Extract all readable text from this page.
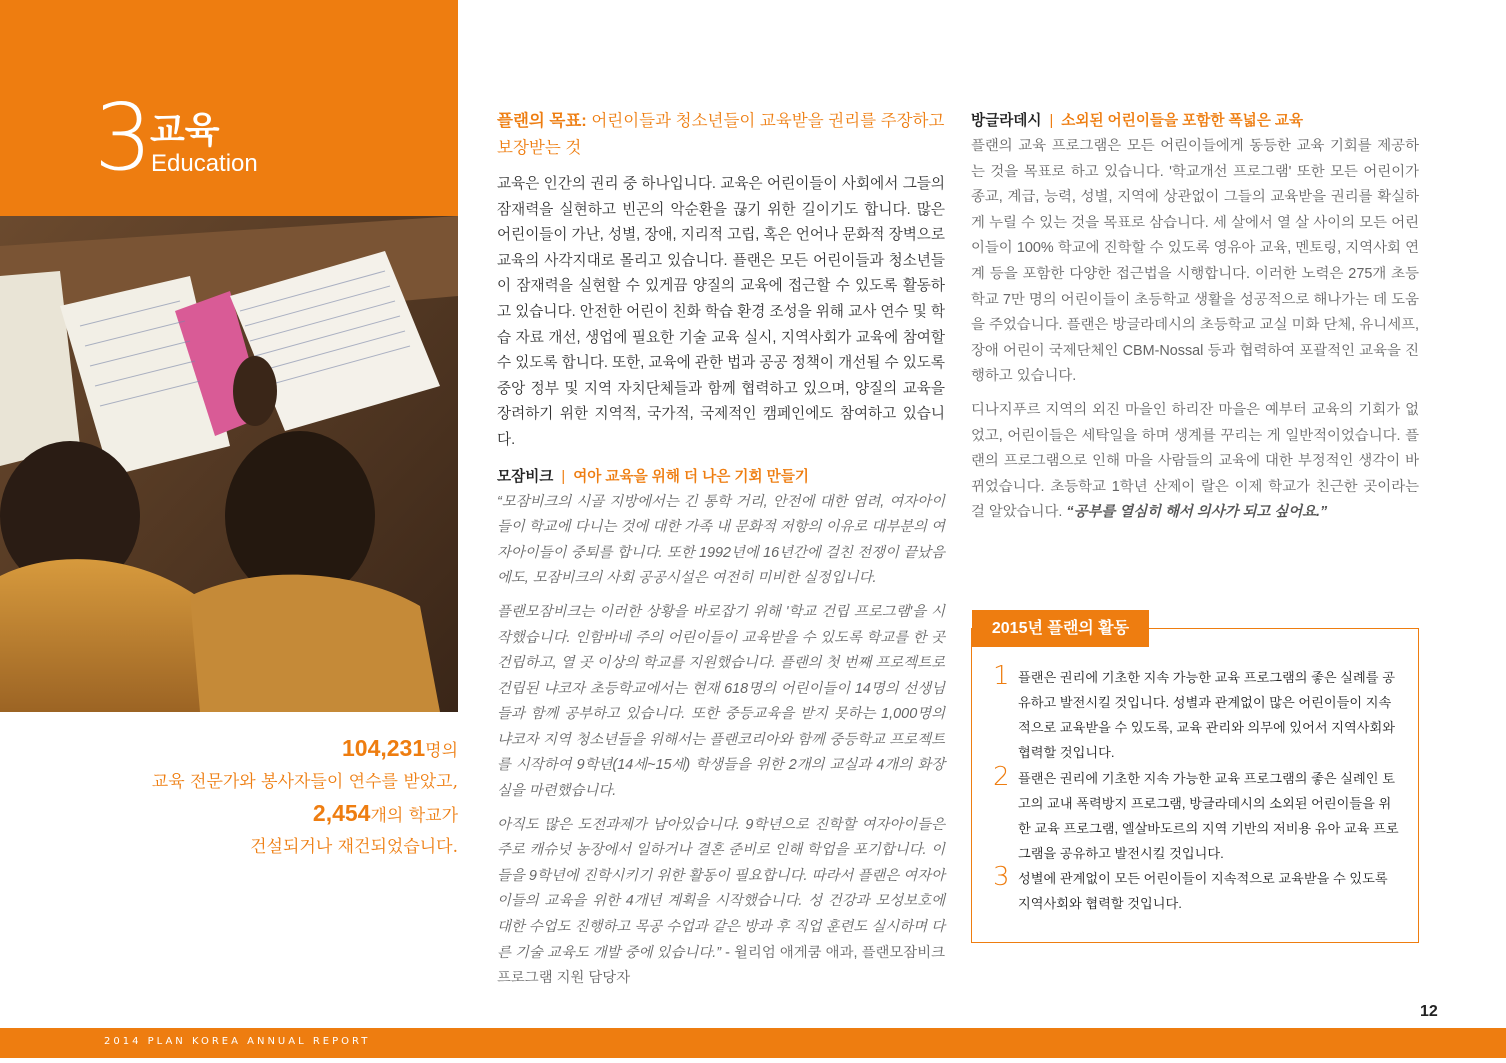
3
교육
Education
104,231명의
교육 전문가와 봉사자들이 연수를 받았고,
2,454개의 학교가
건설되거나 재건되었습니다.

플랜의 목표: 어린이들과 청소년들이 교육받을 권리를 주장하고 보장받는 것

교육은 인간의 권리 중 하나입니다. 교육은 어린이들이 사회에서 그들의 잠재력을 실현하고 빈곤의 악순환을 끊기 위한 길이기도 합니다. 많은 어린이들이 가난, 성별, 장애, 지리적 고립, 혹은 언어나 문화적 장벽으로 교육의 사각지대로 몰리고 있습니다. 플랜은 모든 어린이들과 청소년들이 잠재력을 실현할 수 있게끔 양질의 교육에 접근할 수 있도록 활동하고 있습니다. 안전한 어린이 친화 학습 환경 조성을 위해 교사 연수 및 학습 자료 개선, 생업에 필요한 기술 교육 실시, 지역사회가 교육에 참여할 수 있도록 합니다. 또한, 교육에 관한 법과 공공 정책이 개선될 수 있도록 중앙 정부 및 지역 자치단체들과 함께 협력하고 있으며, 양질의 교육을 장려하기 위한 지역적, 국가적, 국제적인 캠페인에도 참여하고 있습니다.

모잠비크 | 여아 교육을 위해 더 나은 기회 만들기

“모잠비크의 시골 지방에서는 긴 통학 거리, 안전에 대한 염려, 여자아이들이 학교에 다니는 것에 대한 가족 내 문화적 저항의 이유로 대부분의 여자아이들이 중퇴를 합니다. 또한 1992년에 16년간에 걸친 전쟁이 끝났음에도, 모잠비크의 사회 공공시설은 여전히 미비한 실정입니다.

플랜모잠비크는 이러한 상황을 바로잡기 위해 '학교 건립 프로그램'을 시작했습니다. 인함바네 주의 어린이들이 교육받을 수 있도록 학교를 한 곳 건립하고, 열 곳 이상의 학교를 지원했습니다. 플랜의 첫 번째 프로젝트로 건립된 냐코자 초등학교에서는 현재 618명의 어린이들이 14명의 선생님들과 함께 공부하고 있습니다. 또한 중등교육을 받지 못하는 1,000명의 냐코자 지역 청소년들을 위해서는 플랜코리아와 함께 중등학교 프로젝트를 시작하여 9학년(14세~15세) 학생들을 위한 2개의 교실과 4개의 화장실을 마련했습니다.

아직도 많은 도전과제가 남아있습니다. 9학년으로 진학할 여자아이들은 주로 캐슈넛 농장에서 일하거나 결혼 준비로 인해 학업을 포기합니다. 이들을 9학년에 진학시키기 위한 활동이 필요합니다. 따라서 플랜은 여자아이들의 교육을 위한 4개년 계획을 시작했습니다. 성 건강과 모성보호에 대한 수업도 진행하고 목공 수업과 같은 방과 후 직업 훈련도 실시하며 다른 기술 교육도 개발 중에 있습니다.” - 윌리엄 애게쿰 애과, 플랜모잠비크 프로그램 지원 담당자

방글라데시 | 소외된 어린이들을 포함한 폭넓은 교육

플랜의 교육 프로그램은 모든 어린이들에게 동등한 교육 기회를 제공하는 것을 목표로 하고 있습니다. '학교개선 프로그램' 또한 모든 어린이가 종교, 계급, 능력, 성별, 지역에 상관없이 그들의 교육받을 권리를 확실하게 누릴 수 있는 것을 목표로 삼습니다. 세 살에서 열 살 사이의 모든 어린이들이 100% 학교에 진학할 수 있도록 영유아 교육, 멘토링, 지역사회 연계 등을 포함한 다양한 접근법을 시행합니다. 이러한 노력은 275개 초등학교 7만 명의 어린이들이 초등학교 생활을 성공적으로 해나가는 데 도움을 주었습니다. 플랜은 방글라데시의 초등학교 교실 미화 단체, 유니세프, 장애 어린이 국제단체인 CBM-Nossal 등과 협력하여 포괄적인 교육을 진행하고 있습니다.

디나지푸르 지역의 외진 마을인 하리잔 마을은 예부터 교육의 기회가 없었고, 어린이들은 세탁일을 하며 생계를 꾸리는 게 일반적이었습니다. 플랜의 프로그램으로 인해 마을 사람들의 교육에 대한 부정적인 생각이 바뀌었습니다. 초등학교 1학년 산제이 랄은 이제 학교가 친근한 곳이라는 걸 알았습니다. “공부를 열심히 해서 의사가 되고 싶어요.”

2015년 플랜의 활동
1 플랜은 권리에 기초한 지속 가능한 교육 프로그램의 좋은 실례를 공유하고 발전시킬 것입니다. 성별과 관계없이 많은 어린이들이 지속적으로 교육받을 수 있도록, 교육 관리와 의무에 있어서 지역사회와 협력할 것입니다.
2 플랜은 권리에 기초한 지속 가능한 교육 프로그램의 좋은 실례인 토고의 교내 폭력방지 프로그램, 방글라데시의 소외된 어린이들을 위한 교육 프로그램, 엘살바도르의 지역 기반의 저비용 유아 교육 프로그램을 공유하고 발전시킬 것입니다.
3 성별에 관계없이 모든 어린이들이 지속적으로 교육받을 수 있도록 지역사회와 협력할 것입니다.
12
2014 PLAN KOREA ANNUAL REPORT
